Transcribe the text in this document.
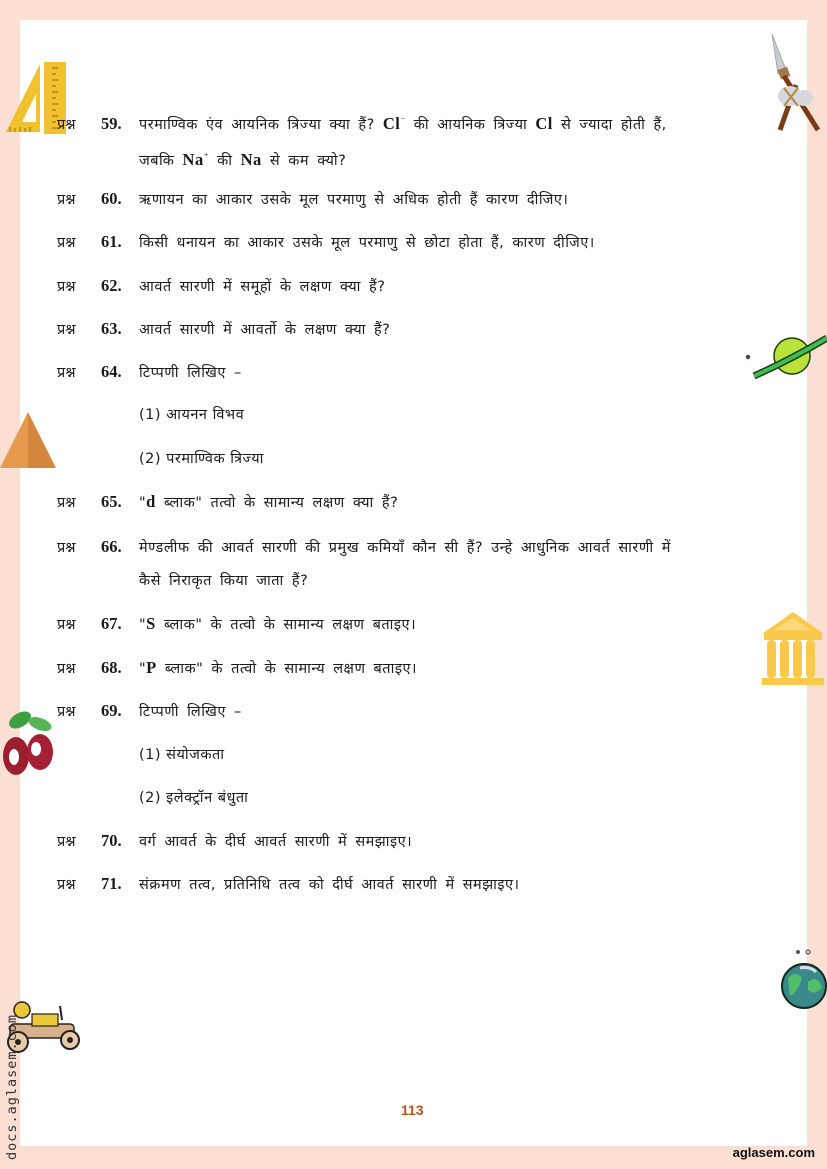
प्रश्न 59. परमाण्विक एंव आयनिक त्रिज्या क्या हैं? Cl⁻ की आयनिक त्रिज्या Cl से ज्यादा होती हैं,
जबकि Na⁺ की Na से कम क्यो?
प्रश्न 60. ऋणायन का आकार उसके मूल परमाणु से अधिक होती हैं कारण दीजिए।
प्रश्न 61. किसी धनायन का आकार उसके मूल परमाणु से छोटा होता हैं, कारण दीजिए।
प्रश्न 62. आवर्त सारणी में समूहों के लक्षण क्या हैं?
प्रश्न 63. आवर्त सारणी में आवर्तो के लक्षण क्या हैं?
प्रश्न 64. टिप्पणी लिखिए –
(1) आयनन विभव
(2) परमाण्विक त्रिज्या
प्रश्न 65. "d ब्लाक" तत्वो के सामान्य लक्षण क्या हैं?
प्रश्न 66. मेण्डलीफ की आवर्त सारणी की प्रमुख कमियाँ कौन सी हैं? उन्हे आधुनिक आवर्त सारणी में
कैसे निराकृत किया जाता हैं?
प्रश्न 67. "S ब्लाक" के तत्वो के सामान्य लक्षण बताइए।
प्रश्न 68. "P ब्लाक" के तत्वो के सामान्य लक्षण बताइए।
प्रश्न 69. टिप्पणी लिखिए –
(1) संयोजकता
(2) इलेक्ट्रॉन बंधुता
प्रश्न 70. वर्ग आवर्त के दीर्घ आवर्त सारणी में समझाइए।
प्रश्न 71. संक्रमण तत्व, प्रतिनिधि तत्व को दीर्घ आवर्त सारणी में समझाइए।
113
aglasem.com
docs.aglasem.com
